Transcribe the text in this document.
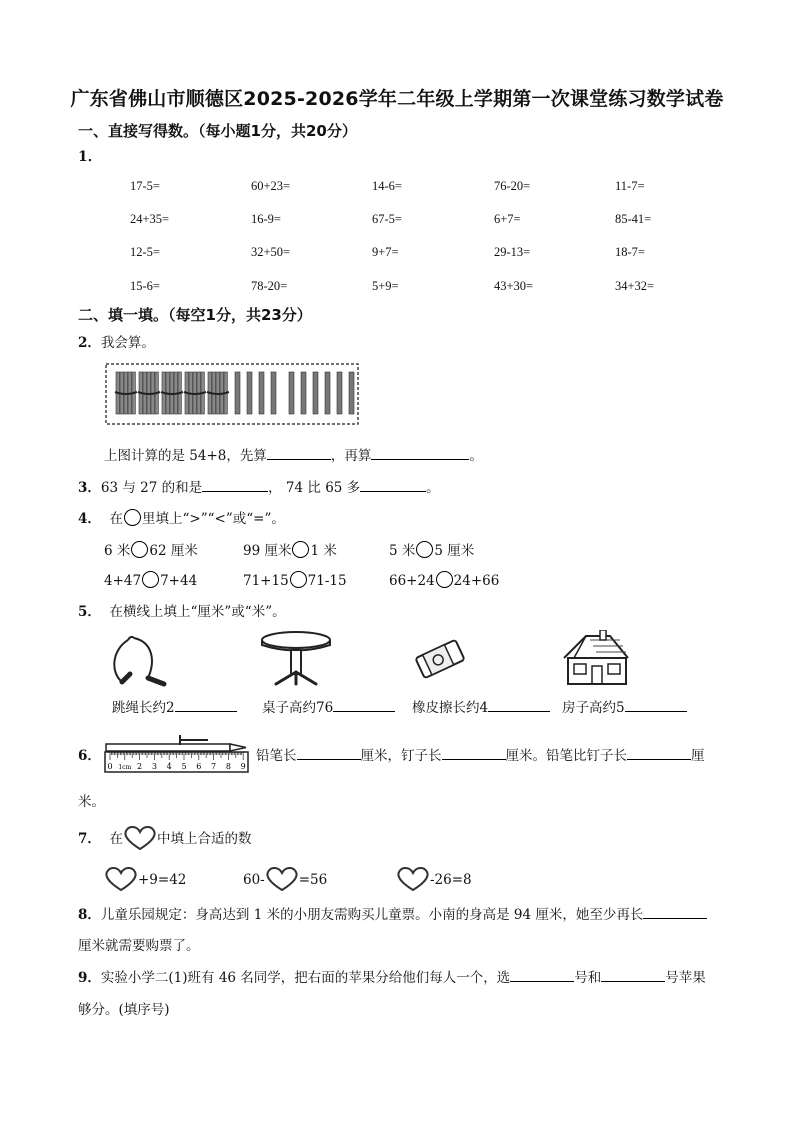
广东省佛山市顺德区2025-2026学年二年级上学期第一次课堂练习数学试卷
一、直接写得数。（每小题1分，共20分）
1．
17-5=	60+23=	14-6=	76-20=	11-7=
24+35=	16-9=	67-5=	6+7=	85-41=
12-5=	32+50=	9+7=	29-13=	18-7=
15-6=	78-20=	5+9=	43+30=	34+32=
二、填一填。（每空1分，共23分）
2．我会算。
上图计算的是 54+8，先算	，再算	。
3．63 与 27 的和是	， 74 比 65 多	。
4． 在 里填上“>”“<”或“=”。
6 米 62 厘米	99 厘米 1 米	5 米 5 厘米
4+47 7+44	71+15 71-15	66+24 24+66
5． 在横线上填上“厘米”或“米”。
跳绳长约2	桌子高约76	橡皮擦长约4	房子高约5
6．
0 1cm 2 3 4 5 6 7 8 9
铅笔长	厘米，钉子长	厘米。铅笔比钉子长	厘
米。
7． 在	中填上合适的数
+9=42	60-	=56	-26=8
8．儿童乐园规定：身高达到 1 米的小朋友需购买儿童票。小南的身高是 94 厘米，她至少再长
厘米就需要购票了。
9．实验小学二(1)班有 46 名同学，把右面的苹果分给他们每人一个，选	号和	号苹果
够分。(填序号)
